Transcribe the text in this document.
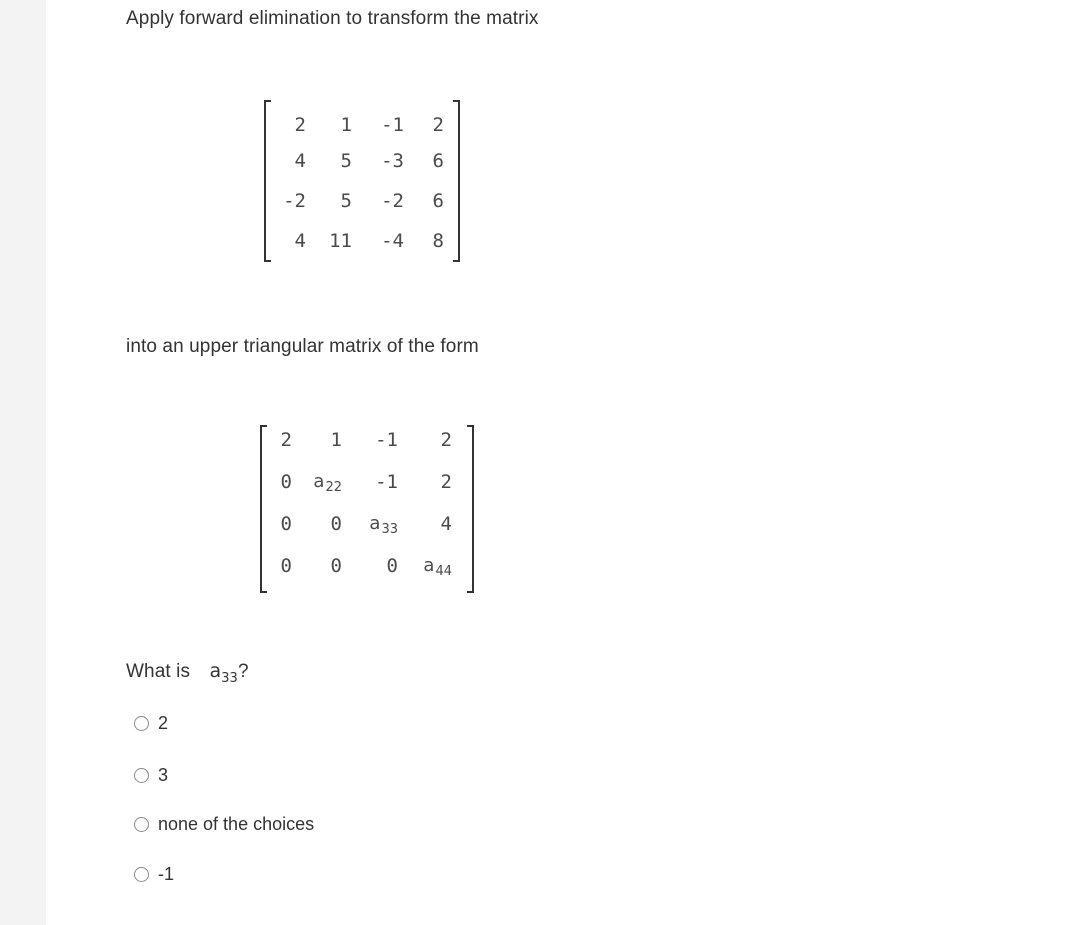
Apply forward elimination to transform the matrix
2 1 -1 2
4 5 -3 6
-2 5 -2 6
4 11 -4 8
into an upper triangular matrix of the form
2 1 -1 2
0 $a_{22}$ -1 2
0 0 $a_{33}$ 4
0 0 0 $a_{44}$
What is $a_{33}$?
2
3
none of the choices
-1
